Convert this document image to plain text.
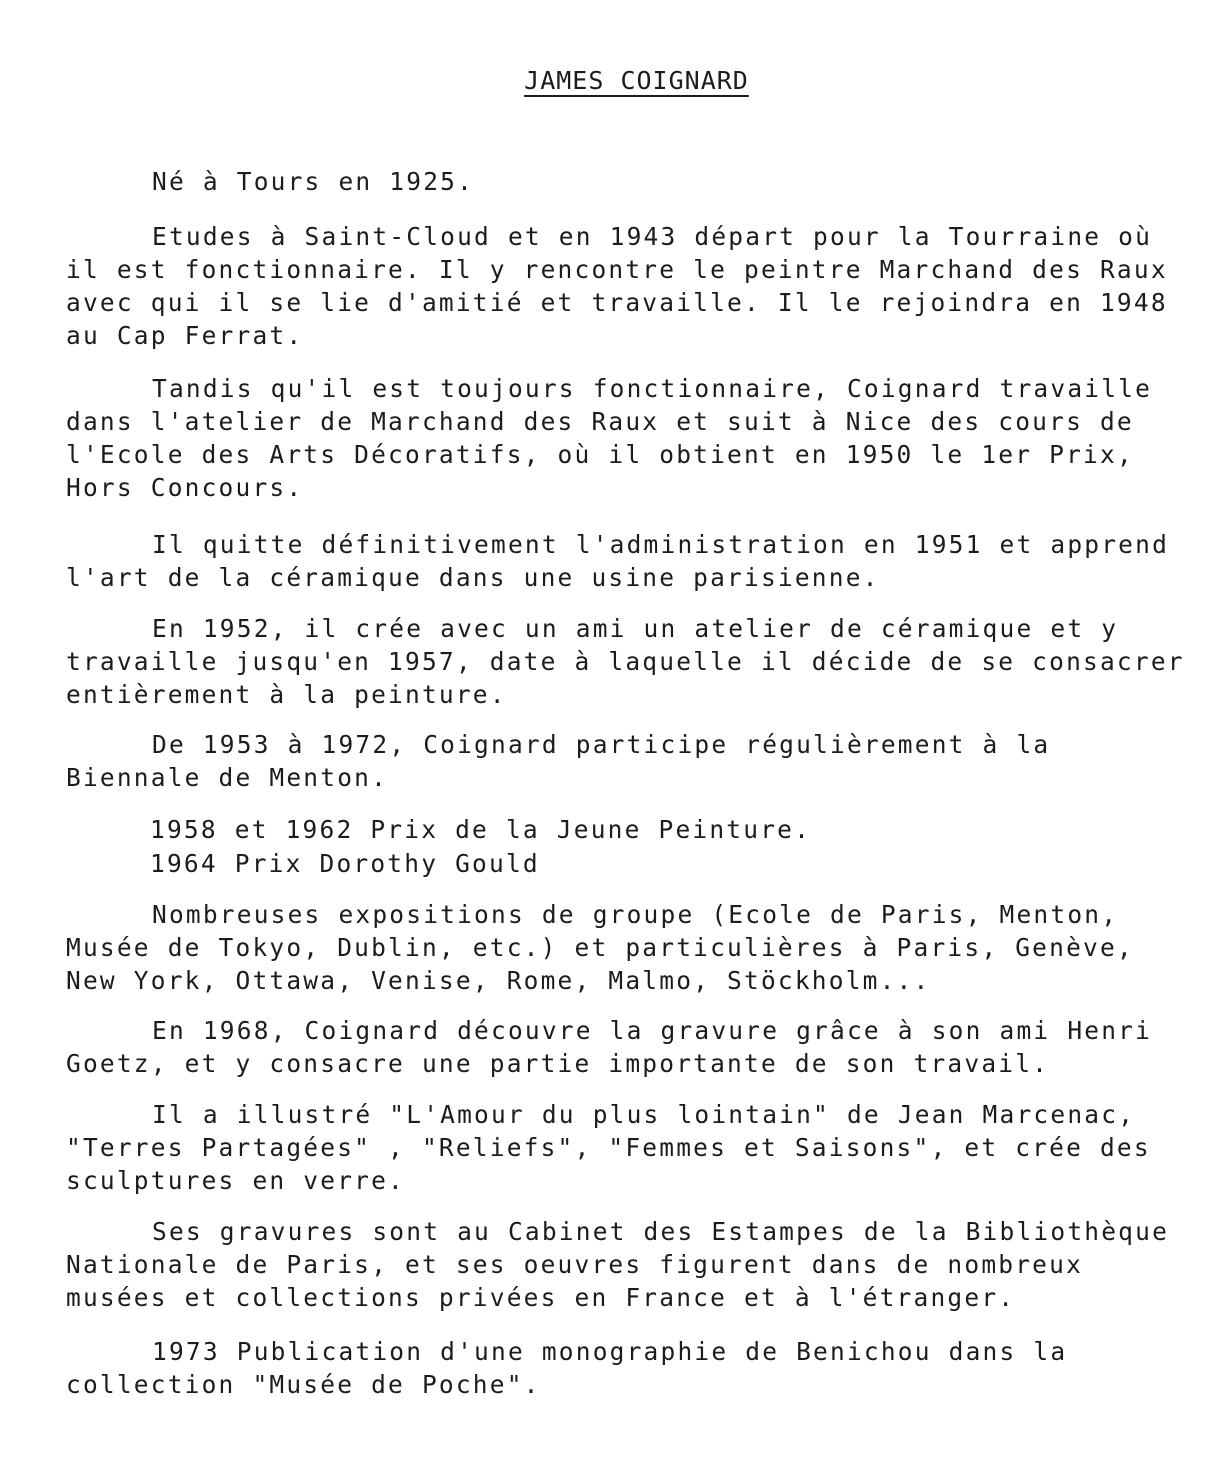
JAMES COIGNARD
Né à Tours en 1925.
Etudes à Saint-Cloud et en 1943 départ pour la Tourraine où il est fonctionnaire. Il y rencontre le peintre Marchand des Raux avec qui il se lie d'amitié et travaille. Il le rejoindra en 1948 au Cap Ferrat.
Tandis qu'il est toujours fonctionnaire, Coignard travaille dans l'atelier de Marchand des Raux et suit à Nice des cours de l'Ecole des Arts Décoratifs, où il obtient en 1950 le 1er Prix, Hors Concours.
Il quitte définitivement l'administration en 1951 et apprend l'art de la céramique dans une usine parisienne.
En 1952, il crée avec un ami un atelier de céramique et y travaille jusqu'en 1957, date à laquelle il décide de se consacrer entièrement à la peinture.
De 1953 à 1972, Coignard participe régulièrement à la Biennale de Menton.
1958 et 1962 Prix de la Jeune Peinture.
1964 Prix Dorothy Gould
Nombreuses expositions de groupe (Ecole de Paris, Menton, Musée de Tokyo, Dublin, etc.) et particulières à Paris, Genève, New York, Ottawa, Venise, Rome, Malmo, Stöckholm...
En 1968, Coignard découvre la gravure grâce à son ami Henri Goetz, et y consacre une partie importante de son travail.
Il a illustré "L'Amour du plus lointain" de Jean Marcenac, "Terres Partagées" , "Reliefs", "Femmes et Saisons", et crée des sculptures en verre.
Ses gravures sont au Cabinet des Estampes de la Bibliothèque Nationale de Paris, et ses oeuvres figurent dans de nombreux musées et collections privées en France et à l'étranger.
1973 Publication d'une monographie de Benichou dans la collection "Musée de Poche".
